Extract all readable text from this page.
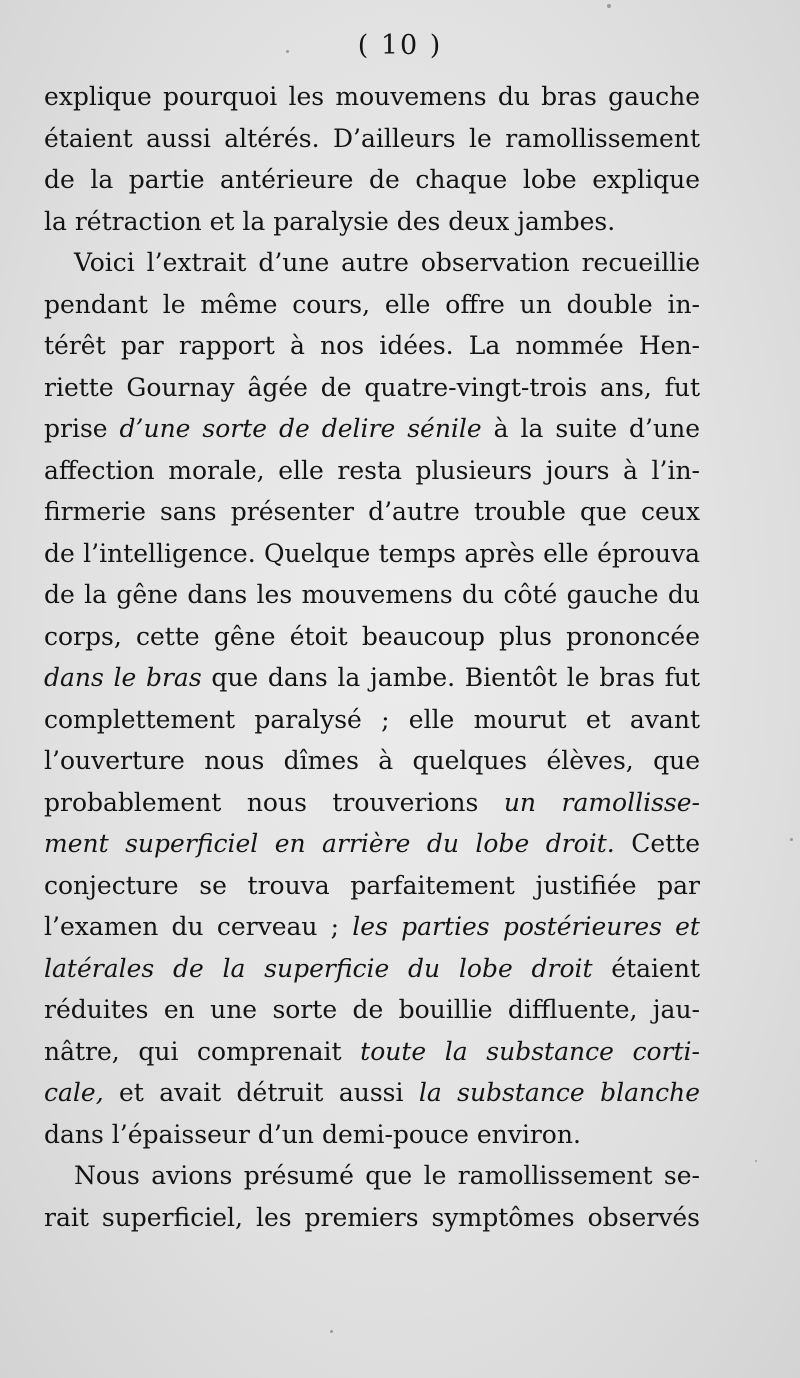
( 10 )
explique pourquoi les mouvemens du bras gauche
étaient aussi altérés. D’ailleurs le ramollissement
de la partie antérieure de chaque lobe explique
la rétraction et la paralysie des deux jambes.
Voici l’extrait d’une autre observation recueillie
pendant le même cours, elle offre un double in-
térêt par rapport à nos idées. La nommée Hen-
riette Gournay âgée de quatre-vingt-trois ans, fut
prise d’une sorte de delire sénile à la suite d’une
affection morale, elle resta plusieurs jours à l’in-
firmerie sans présenter d’autre trouble que ceux
de l’intelligence. Quelque temps après elle éprouva
de la gêne dans les mouvemens du côté gauche du
corps, cette gêne étoit beaucoup plus prononcée
dans le bras que dans la jambe. Bientôt le bras fut
complettement paralysé ; elle mourut et avant
l’ouverture nous dîmes à quelques élèves, que
probablement nous trouverions un ramollisse-
ment superficiel en arrière du lobe droit. Cette
conjecture se trouva parfaitement justifiée par
l’examen du cerveau ; les parties postérieures et
latérales de la superficie du lobe droit étaient
réduites en une sorte de bouillie diffluente, jau-
nâtre, qui comprenait toute la substance corti-
cale, et avait détruit aussi la substance blanche
dans l’épaisseur d’un demi-pouce environ.
Nous avions présumé que le ramollissement se-
rait superficiel, les premiers symptômes observés
